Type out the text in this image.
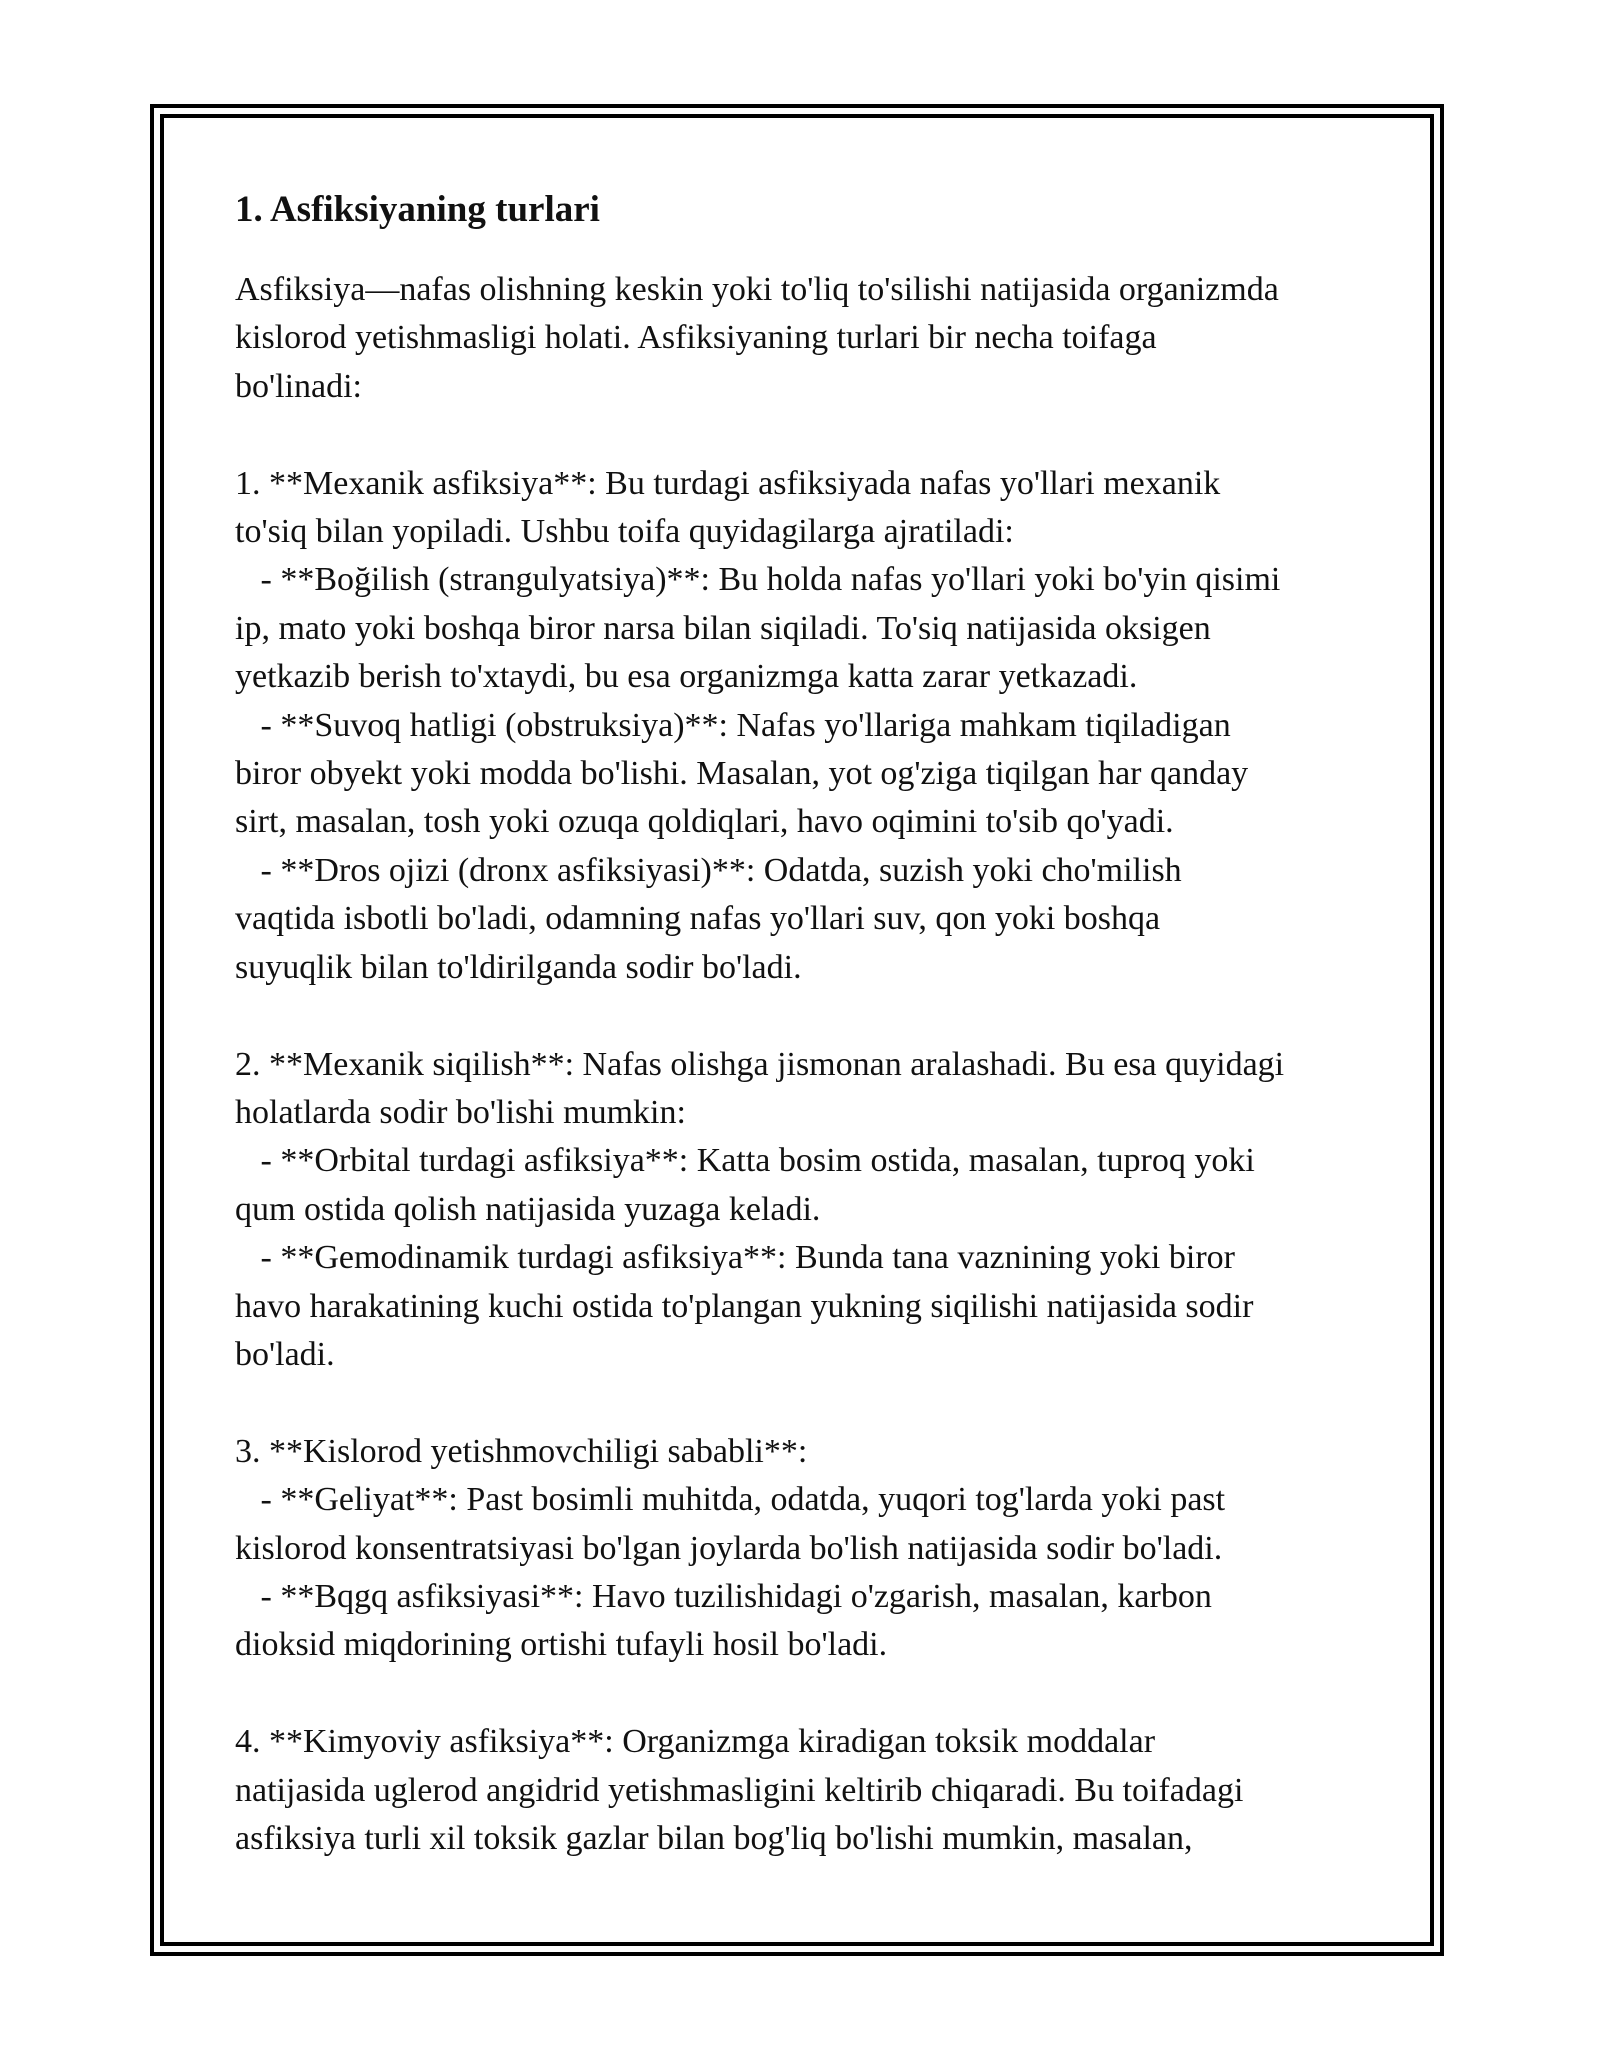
1. Asfiksiyaning turlari

Asfiksiya—nafas olishning keskin yoki to'liq to'silishi natijasida organizmda
kislorod yetishmasligi holati. Asfiksiyaning turlari bir necha toifaga
bo'linadi:

1. **Mexanik asfiksiya**: Bu turdagi asfiksiyada nafas yo'llari mexanik
to'siq bilan yopiladi. Ushbu toifa quyidagilarga ajratiladi:
- **Boğilish (strangulyatsiya)**: Bu holda nafas yo'llari yoki bo'yin qisimi
ip, mato yoki boshqa biror narsa bilan siqiladi. To'siq natijasida oksigen
yetkazib berish to'xtaydi, bu esa organizmga katta zarar yetkazadi.
- **Suvoq hatligi (obstruksiya)**: Nafas yo'llariga mahkam tiqiladigan
biror obyekt yoki modda bo'lishi. Masalan, yot og'ziga tiqilgan har qanday
sirt, masalan, tosh yoki ozuqa qoldiqlari, havo oqimini to'sib qo'yadi.
- **Dros ojizi (dronx asfiksiyasi)**: Odatda, suzish yoki cho'milish
vaqtida isbotli bo'ladi, odamning nafas yo'llari suv, qon yoki boshqa
suyuqlik bilan to'ldirilganda sodir bo'ladi.

2. **Mexanik siqilish**: Nafas olishga jismonan aralashadi. Bu esa quyidagi
holatlarda sodir bo'lishi mumkin:
- **Orbital turdagi asfiksiya**: Katta bosim ostida, masalan, tuproq yoki
qum ostida qolish natijasida yuzaga keladi.
- **Gemodinamik turdagi asfiksiya**: Bunda tana vaznining yoki biror
havo harakatining kuchi ostida to'plangan yukning siqilishi natijasida sodir
bo'ladi.

3. **Kislorod yetishmovchiligi sababli**:
- **Geliyat**: Past bosimli muhitda, odatda, yuqori tog'larda yoki past
kislorod konsentratsiyasi bo'lgan joylarda bo'lish natijasida sodir bo'ladi.
- **Bqgq asfiksiyasi**: Havo tuzilishidagi o'zgarish, masalan, karbon
dioksid miqdorining ortishi tufayli hosil bo'ladi.

4. **Kimyoviy asfiksiya**: Organizmga kiradigan toksik moddalar
natijasida uglerod angidrid yetishmasligini keltirib chiqaradi. Bu toifadagi
asfiksiya turli xil toksik gazlar bilan bog'liq bo'lishi mumkin, masalan,
